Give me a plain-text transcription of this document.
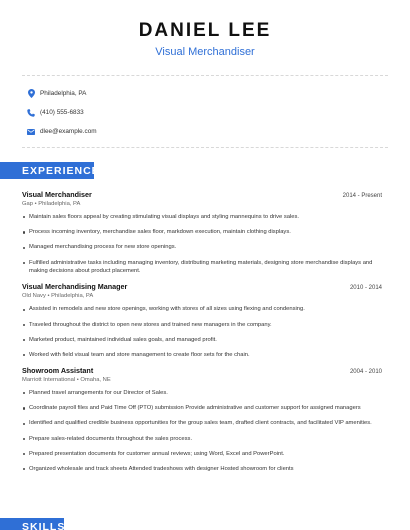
DANIEL LEE
Visual Merchandiser
Philadelphia, PA
(410) 555-6833
dlee@example.com
EXPERIENCE
Visual Merchandiser	2014 - Present
Gap • Philadelphia, PA
Maintain sales floors appeal by creating stimulating visual displays and styling mannequins to drive sales.
Process incoming inventory, merchandise sales floor, markdown execution, maintain clothing displays.
Managed merchandising process for new store openings.
Fulfilled administrative tasks including managing inventory, distributing marketing materials, designing store merchandise displays and making decisions about product placement.
Visual Merchandising Manager	2010 - 2014
Old Navy • Philadelphia, PA
Assisted in remodels and new store openings, working with stores of all sizes using flexing and condensing.
Traveled throughout the district to open new stores and trained new managers in the company.
Marketed product, maintained individual sales goals, and managed profit.
Worked with field visual team and store management to create floor sets for the chain.
Showroom Assistant	2004 - 2010
Marriott International • Omaha, NE
Planned travel arrangements for our Director of Sales.
Coordinate payroll files and Paid Time Off (PTO) submission Provide administrative and customer support for assigned managers
Identified and qualified credible business opportunities for the group sales team, drafted client contracts, and facilitated VIP amenities.
Prepare sales-related documents throughout the sales process.
Prepared presentation documents for customer annual reviews; using Word, Excel and PowerPoint.
Organized wholesale and track sheets Attended tradeshows with designer Hosted showroom for clients
SKILLS
